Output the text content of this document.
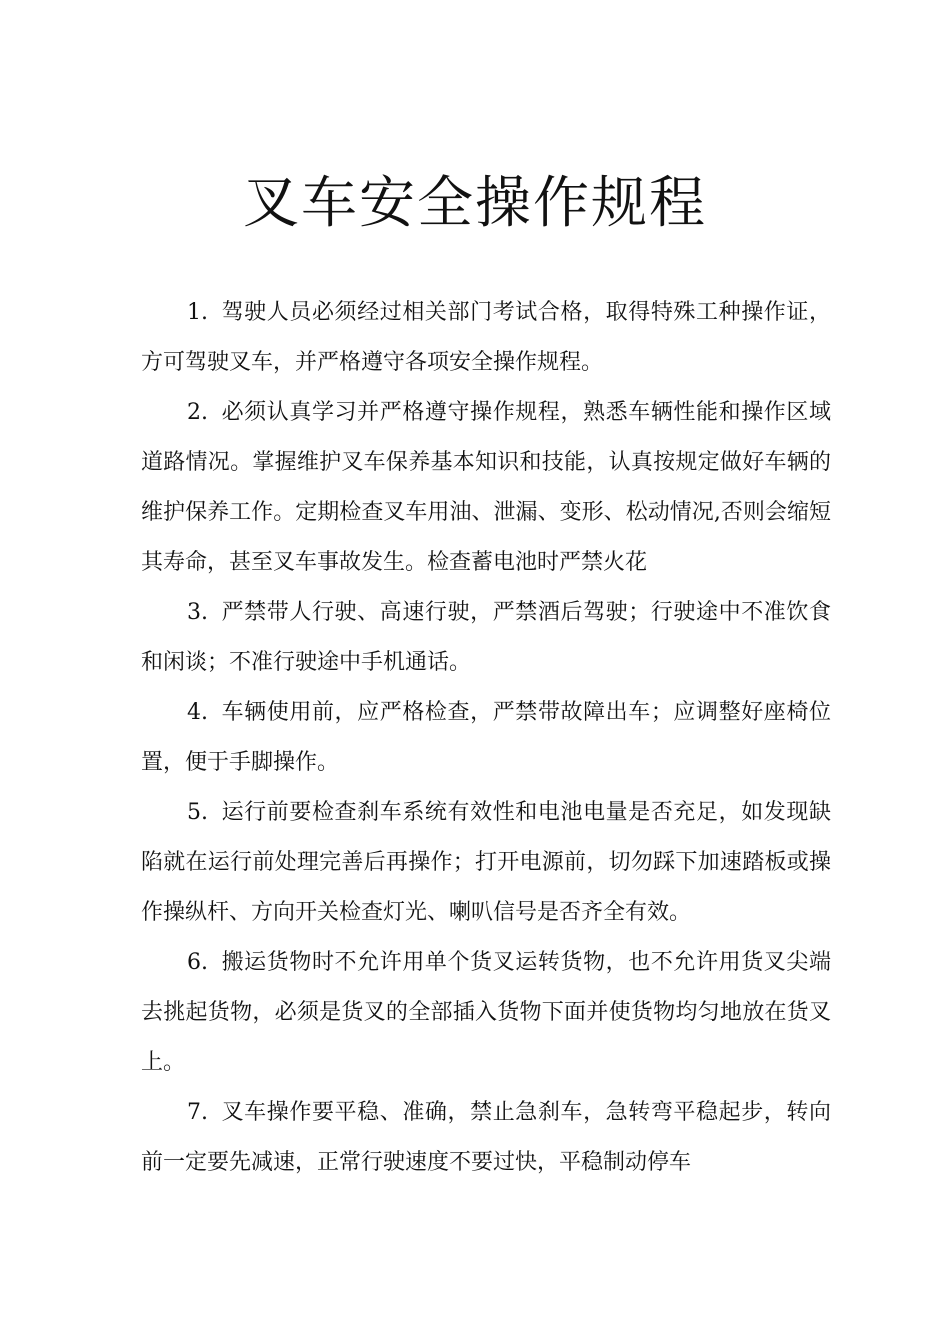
叉车安全操作规程

1. 驾驶人员必须经过相关部门考试合格，取得特殊工种操作证，方可驾驶叉车，并严格遵守各项安全操作规程。

2. 必须认真学习并严格遵守操作规程，熟悉车辆性能和操作区域道路情况。掌握维护叉车保养基本知识和技能，认真按规定做好车辆的维护保养工作。定期检查叉车用油、泄漏、变形、松动情况,否则会缩短其寿命，甚至叉车事故发生。检查蓄电池时严禁火花

3. 严禁带人行驶、高速行驶，严禁酒后驾驶；行驶途中不准饮食和闲谈；不准行驶途中手机通话。

4. 车辆使用前，应严格检查，严禁带故障出车；应调整好座椅位置，便于手脚操作。

5. 运行前要检查刹车系统有效性和电池电量是否充足，如发现缺陷就在运行前处理完善后再操作；打开电源前，切勿踩下加速踏板或操作操纵杆、方向开关检查灯光、喇叭信号是否齐全有效。

6. 搬运货物时不允许用单个货叉运转货物，也不允许用货叉尖端去挑起货物，必须是货叉的全部插入货物下面并使货物均匀地放在货叉上。

7. 叉车操作要平稳、准确，禁止急刹车，急转弯平稳起步，转向前一定要先减速，正常行驶速度不要过快，平稳制动停车
